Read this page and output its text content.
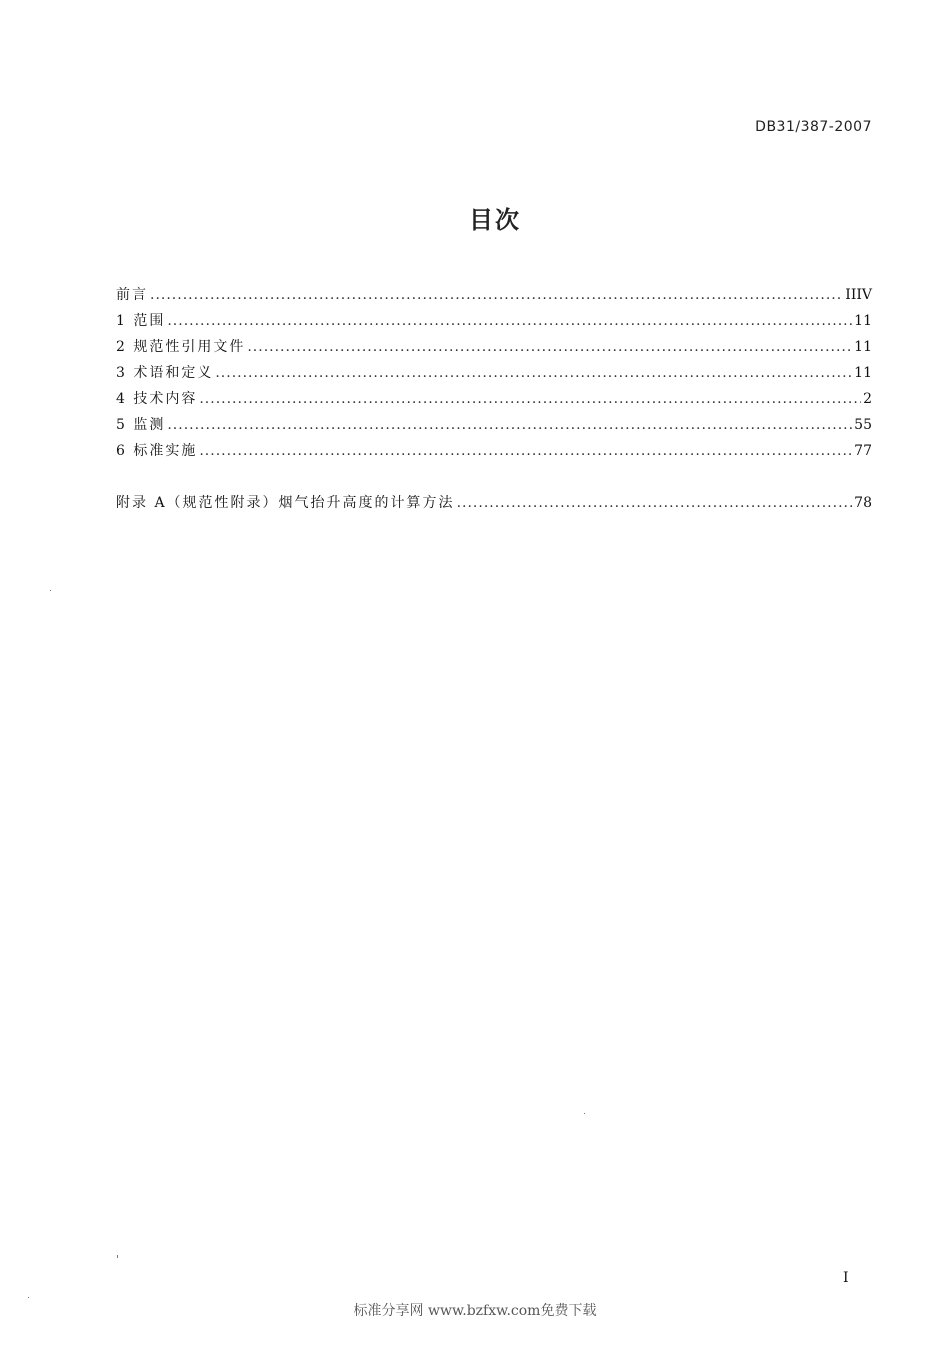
DB31/387-2007
目次
前言 .....	IIIV
1 范围 .....	11
2 规范性引用文件 .....	11
3 术语和定义 .....	11
4 技术内容 .....	2
5 监测 .....	55
6 标准实施 .....	77
附录 A（规范性附录）烟气抬升高度的计算方法 .....	78
I
标准分享网 www.bzfxw.com免费下载
